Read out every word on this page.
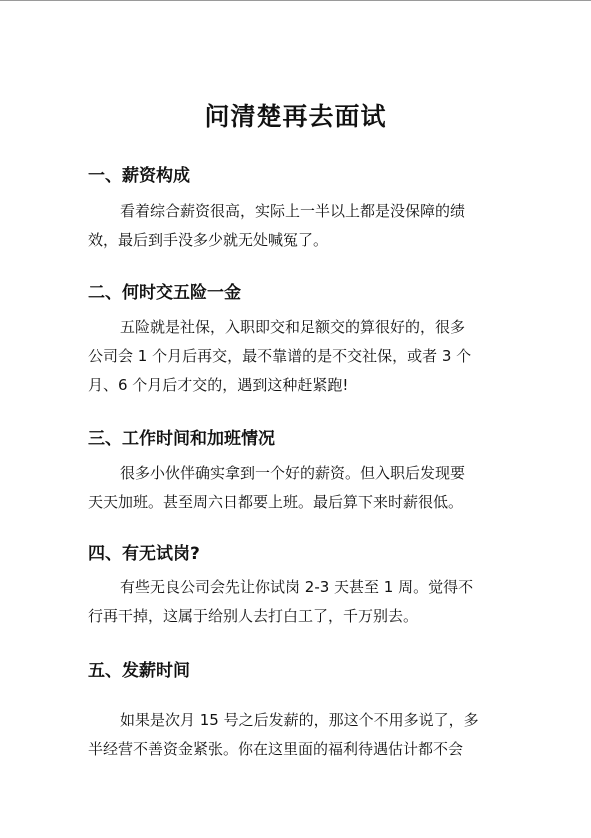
问清楚再去面试
一、薪资构成
看着综合薪资很高，实际上一半以上都是没保障的绩
效，最后到手没多少就无处喊冤了。
二、何时交五险一金
五险就是社保，入职即交和足额交的算很好的，很多
公司会 1 个月后再交，最不靠谱的是不交社保，或者 3 个
月、6 个月后才交的，遇到这种赶紧跑!
三、工作时间和加班情况
很多小伙伴确实拿到一个好的薪资。但入职后发现要
天天加班。甚至周六日都要上班。最后算下来时薪很低。
四、有无试岗?
有些无良公司会先让你试岗 2-3 天甚至 1 周。觉得不
行再干掉，这属于给别人去打白工了，千万别去。
五、发薪时间
如果是次月 15 号之后发薪的，那这个不用多说了，多
半经营不善资金紧张。你在这里面的福利待遇估计都不会
